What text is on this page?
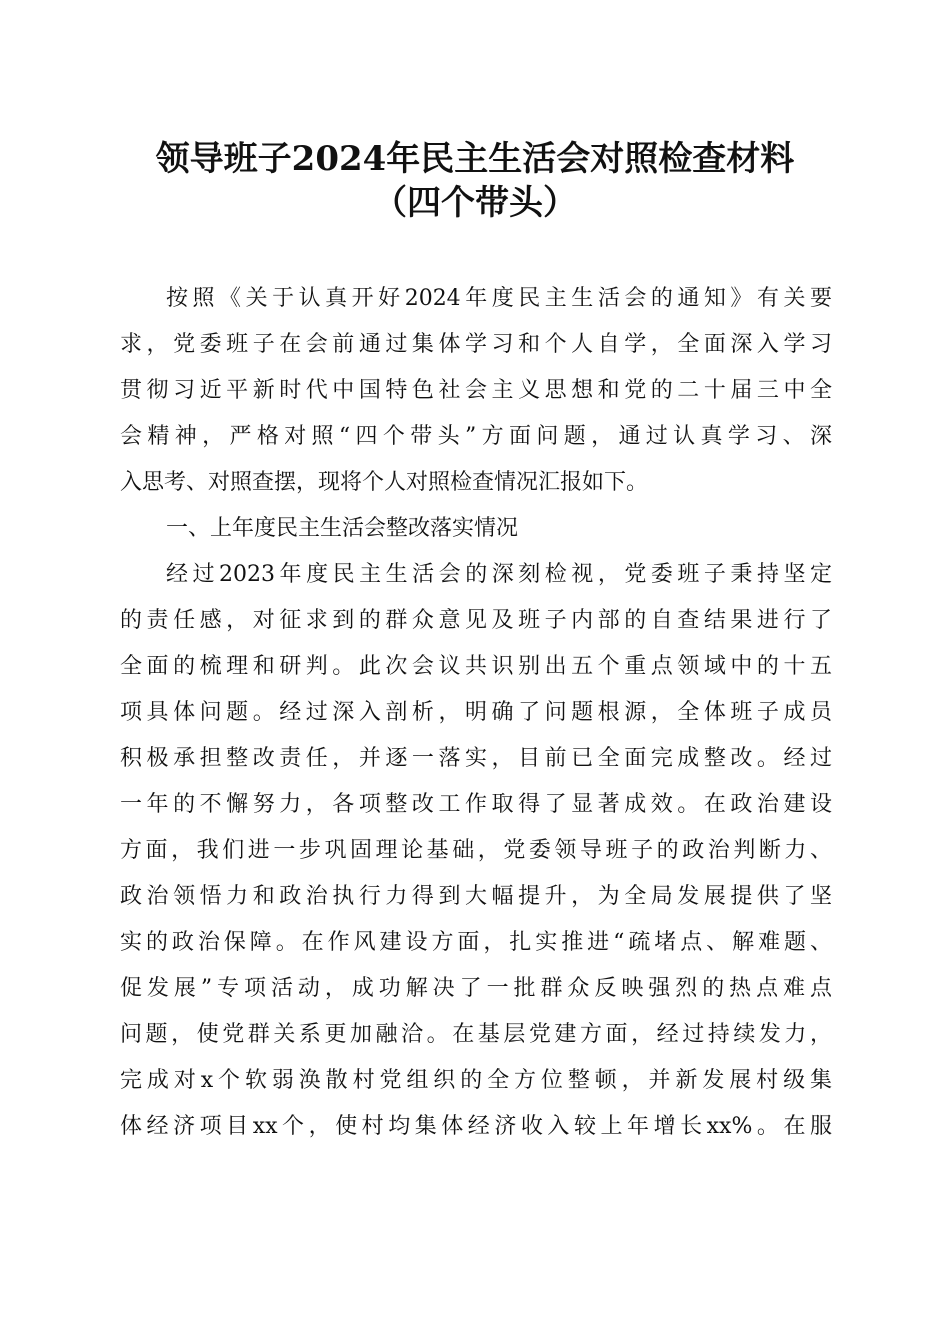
领导班子2024年民主生活会对照检查材料
（四个带头）
按照《关于认真开好2024年度民主生活会的通知》有关要
求，党委班子在会前通过集体学习和个人自学，全面深入学习
贯彻习近平新时代中国特色社会主义思想和党的二十届三中全
会精神，严格对照“四个带头”方面问题，通过认真学习、深
入思考、对照查摆，现将个人对照检查情况汇报如下。
一、上年度民主生活会整改落实情况
经过2023年度民主生活会的深刻检视，党委班子秉持坚定
的责任感，对征求到的群众意见及班子内部的自查结果进行了
全面的梳理和研判。此次会议共识别出五个重点领域中的十五
项具体问题。经过深入剖析，明确了问题根源，全体班子成员
积极承担整改责任，并逐一落实，目前已全面完成整改。经过
一年的不懈努力，各项整改工作取得了显著成效。在政治建设
方面，我们进一步巩固理论基础，党委领导班子的政治判断力、
政治领悟力和政治执行力得到大幅提升，为全局发展提供了坚
实的政治保障。在作风建设方面，扎实推进“疏堵点、解难题、
促发展”专项活动，成功解决了一批群众反映强烈的热点难点
问题，使党群关系更加融洽。在基层党建方面，经过持续发力，
完成对x个软弱涣散村党组织的全方位整顿，并新发展村级集
体经济项目xx个，使村均集体经济收入较上年增长xx%。在服
